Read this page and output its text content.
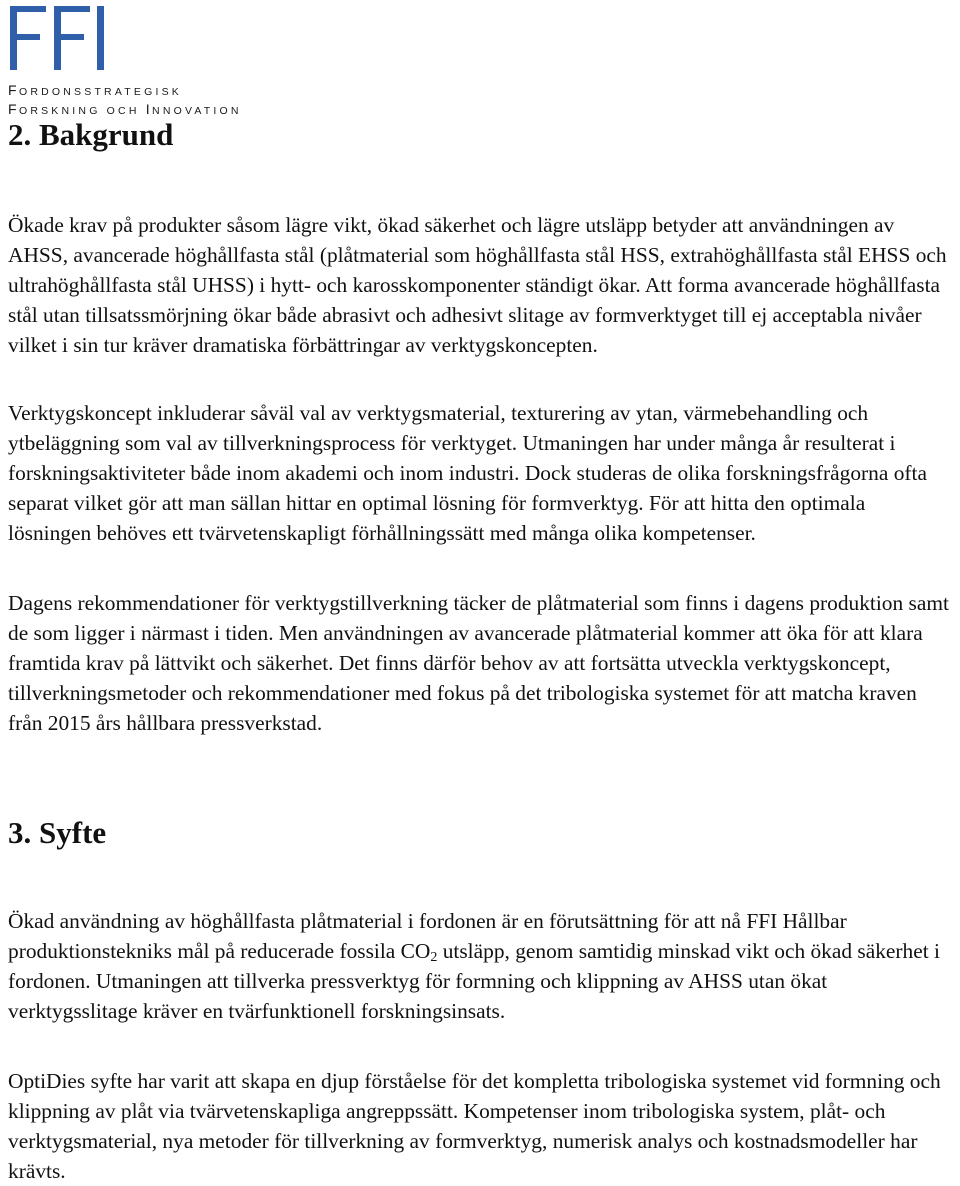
FORDONSSTRATEGISK
FORSKNING OCH INNOVATION
2. Bakgrund

Ökade krav på produkter såsom lägre vikt, ökad säkerhet och lägre utsläpp betyder att användningen av AHSS, avancerade höghållfasta stål (plåtmaterial som höghållfasta stål HSS, extrahöghållfasta stål EHSS och ultrahöghållfasta stål UHSS) i hytt- och karosskomponenter ständigt ökar. Att forma avancerade höghållfasta stål utan tillsatssmörjning ökar både abrasivt och adhesivt slitage av formverktyget till ej acceptabla nivåer vilket i sin tur kräver dramatiska förbättringar av verktygskoncepten.

Verktygskoncept inkluderar såväl val av verktygsmaterial, texturering av ytan, värmebehandling och ytbeläggning som val av tillverkningsprocess för verktyget. Utmaningen har under många år resulterat i forskningsaktiviteter både inom akademi och inom industri. Dock studeras de olika forskningsfrågorna ofta separat vilket gör att man sällan hittar en optimal lösning för formverktyg. För att hitta den optimala lösningen behöves ett tvärvetenskapligt förhållningssätt med många olika kompetenser.

Dagens rekommendationer för verktygstillverkning täcker de plåtmaterial som finns i dagens produktion samt de som ligger i närmast i tiden. Men användningen av avancerade plåtmaterial kommer att öka för att klara framtida krav på lättvikt och säkerhet. Det finns därför behov av att fortsätta utveckla verktygskoncept, tillverkningsmetoder och rekommendationer med fokus på det tribologiska systemet för att matcha kraven från 2015 års hållbara pressverkstad.

3. Syfte

Ökad användning av höghållfasta plåtmaterial i fordonen är en förutsättning för att nå FFI Hållbar produktionstekniks mål på reducerade fossila $CO_2$ utsläpp, genom samtidig minskad vikt och ökad säkerhet i fordonen. Utmaningen att tillverka pressverktyg för formning och klippning av AHSS utan ökat verktygsslitage kräver en tvärfunktionell forskningsinsats.

OptiDies syfte har varit att skapa en djup förståelse för det kompletta tribologiska systemet vid formning och klippning av plåt via tvärvetenskapliga angreppssätt. Kompetenser inom tribologiska system, plåt- och verktygsmaterial, nya metoder för tillverkning av formverktyg, numerisk analys och kostnadsmodeller har krävts.
